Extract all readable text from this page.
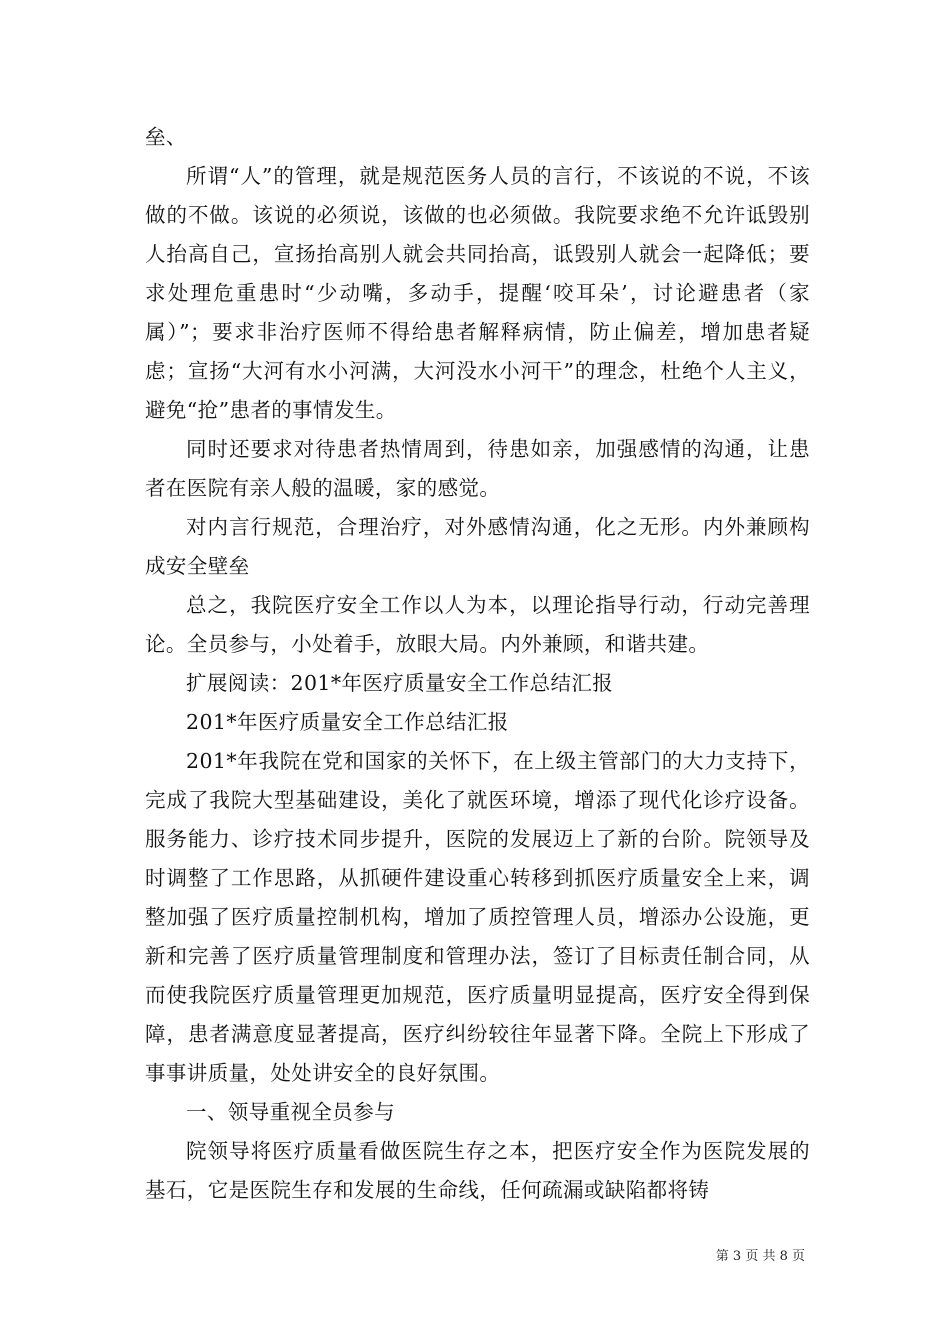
垒、

所谓“人”的管理，就是规范医务人员的言行，不该说的不说，不该做的不做。该说的必须说，该做的也必须做。我院要求绝不允许诋毁别人抬高自己，宣扬抬高别人就会共同抬高，诋毁别人就会一起降低；要求处理危重患时“少动嘴，多动手，提醒‘咬耳朵’，讨论避患者（家属）”；要求非治疗医师不得给患者解释病情，防止偏差，增加患者疑虑；宣扬“大河有水小河满，大河没水小河干”的理念，杜绝个人主义，避免“抢”患者的事情发生。

同时还要求对待患者热情周到，待患如亲，加强感情的沟通，让患者在医院有亲人般的温暖，家的感觉。

对内言行规范，合理治疗，对外感情沟通，化之无形。内外兼顾构成安全壁垒

总之，我院医疗安全工作以人为本，以理论指导行动，行动完善理论。全员参与，小处着手，放眼大局。内外兼顾，和谐共建。

扩展阅读：201*年医疗质量安全工作总结汇报

201*年医疗质量安全工作总结汇报

201*年我院在党和国家的关怀下，在上级主管部门的大力支持下，完成了我院大型基础建设，美化了就医环境，增添了现代化诊疗设备。服务能力、诊疗技术同步提升，医院的发展迈上了新的台阶。院领导及时调整了工作思路，从抓硬件建设重心转移到抓医疗质量安全上来，调整加强了医疗质量控制机构，增加了质控管理人员，增添办公设施，更新和完善了医疗质量管理制度和管理办法，签订了目标责任制合同，从而使我院医疗质量管理更加规范，医疗质量明显提高，医疗安全得到保障，患者满意度显著提高，医疗纠纷较往年显著下降。全院上下形成了事事讲质量，处处讲安全的良好氛围。

一、领导重视全员参与

院领导将医疗质量看做医院生存之本，把医疗安全作为医院发展的基石，它是医院生存和发展的生命线，任何疏漏或缺陷都将铸

第 3 页 共 8 页
